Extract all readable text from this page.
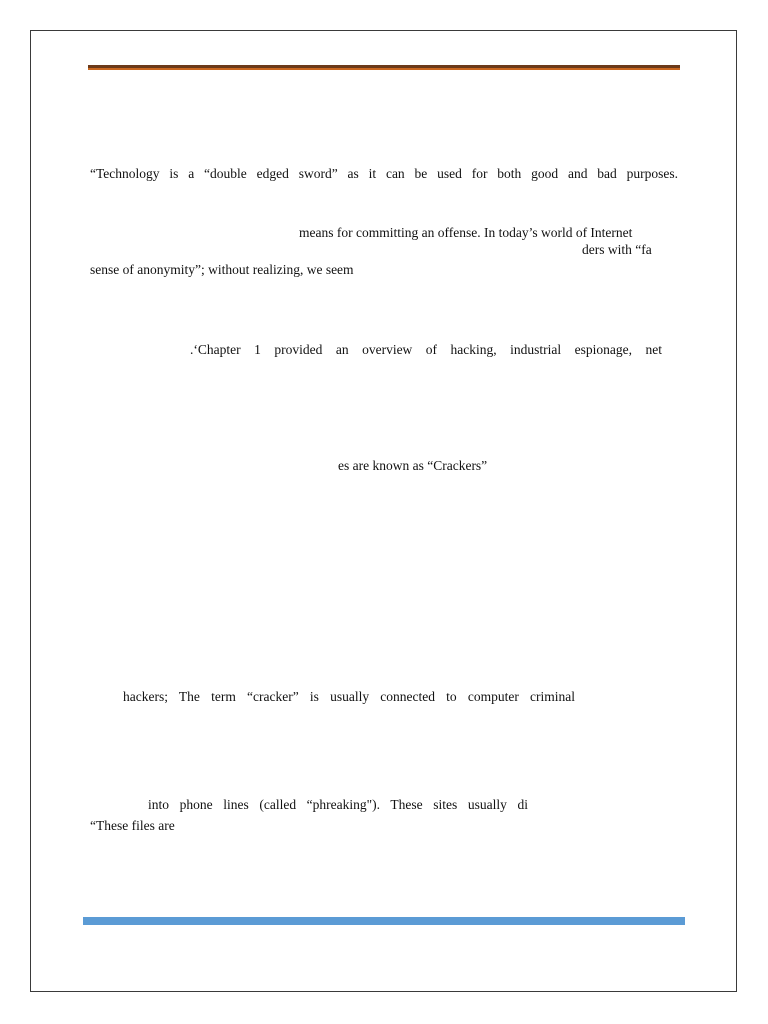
“Technology is a “double edged sword” as it can be used for both good and bad purposes.
means for committing an offense. In today’s world of Internet
ders with “fa
sense of anonymity”; without realizing, we seem
.‘Chapter 1 provided an overview of hacking, industrial espionage, net
es are known as “Crackers”
hackers; The term “cracker” is usually connected to computer criminal
into phone lines (called “phreaking"). These sites usually di
“These files are
